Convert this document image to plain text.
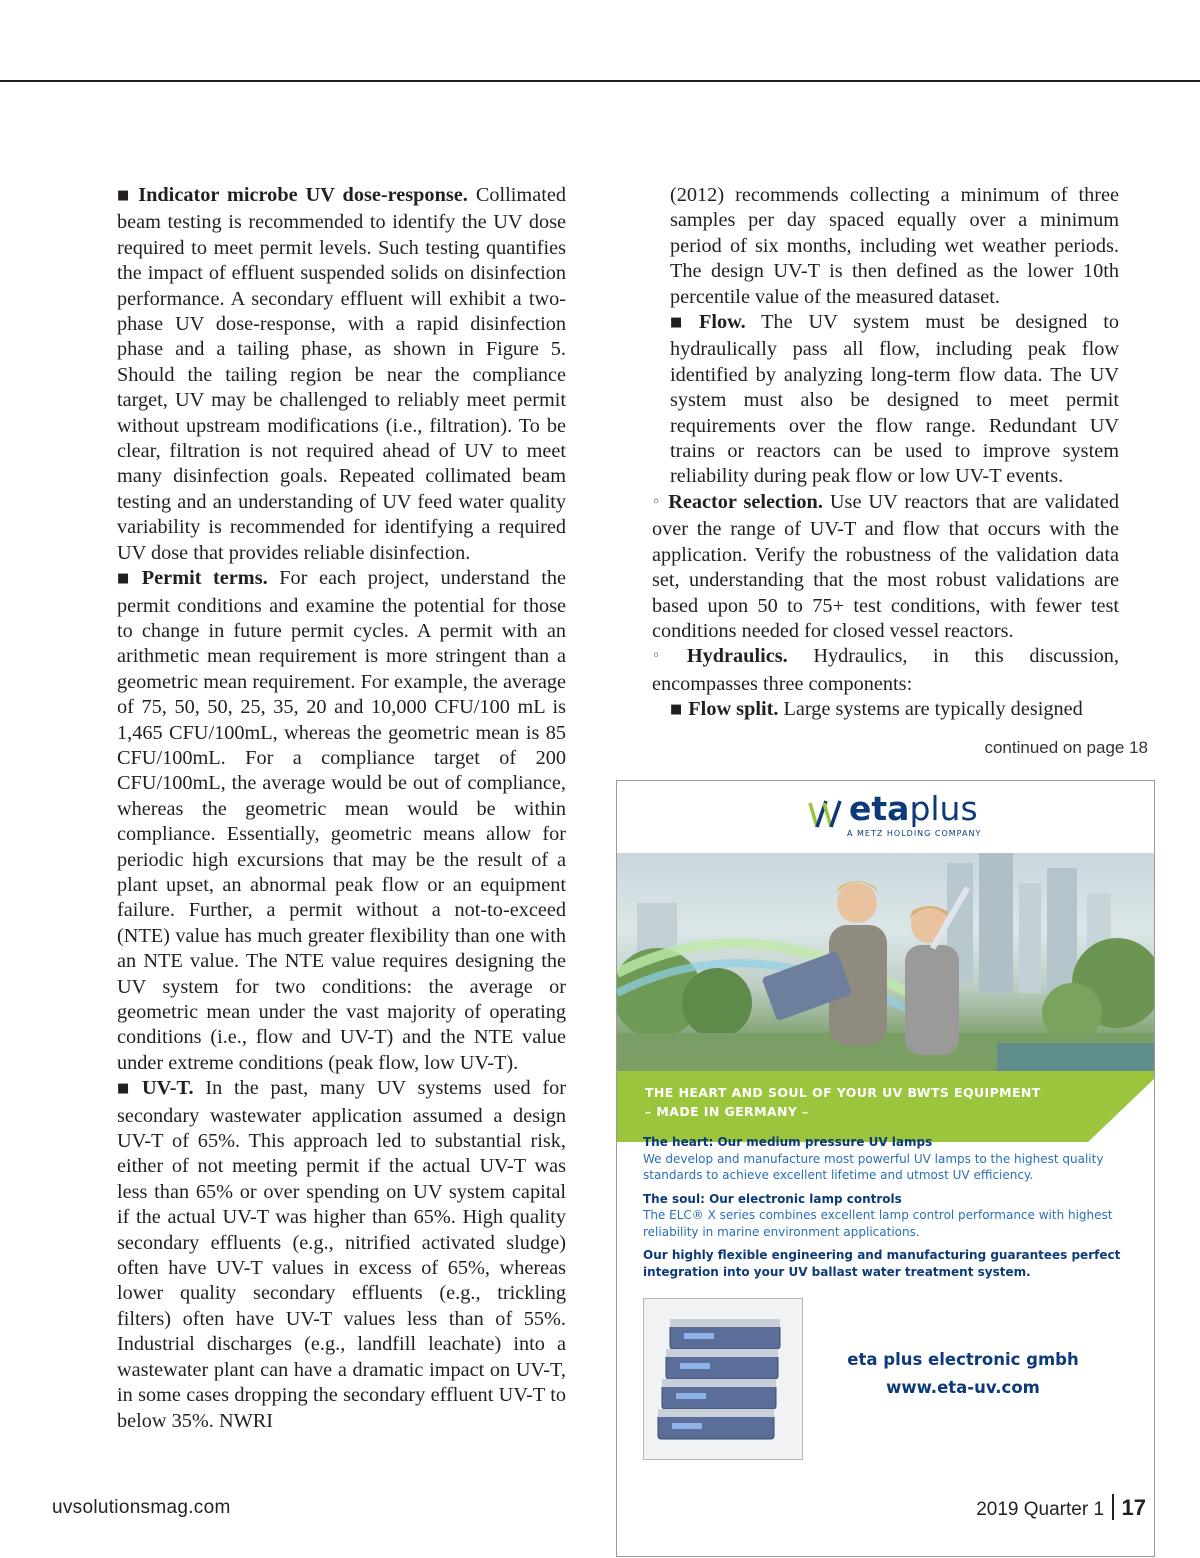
■ Indicator microbe UV dose-response. Collimated beam testing is recommended to identify the UV dose required to meet permit levels. Such testing quantifies the impact of effluent suspended solids on disinfection performance. A secondary effluent will exhibit a two-phase UV dose-response, with a rapid disinfection phase and a tailing phase, as shown in Figure 5. Should the tailing region be near the compliance target, UV may be challenged to reliably meet permit without upstream modifications (i.e., filtration). To be clear, filtration is not required ahead of UV to meet many disinfection goals. Repeated collimated beam testing and an understanding of UV feed water quality variability is recommended for identifying a required UV dose that provides reliable disinfection.

■ Permit terms. For each project, understand the permit conditions and examine the potential for those to change in future permit cycles. A permit with an arithmetic mean requirement is more stringent than a geometric mean requirement. For example, the average of 75, 50, 50, 25, 35, 20 and 10,000 CFU/100 mL is 1,465 CFU/100mL, whereas the geometric mean is 85 CFU/100mL. For a compliance target of 200 CFU/100mL, the average would be out of compliance, whereas the geometric mean would be within compliance. Essentially, geometric means allow for periodic high excursions that may be the result of a plant upset, an abnormal peak flow or an equipment failure. Further, a permit without a not-to-exceed (NTE) value has much greater flexibility than one with an NTE value. The NTE value requires designing the UV system for two conditions: the average or geometric mean under the vast majority of operating conditions (i.e., flow and UV-T) and the NTE value under extreme conditions (peak flow, low UV-T).

■ UV-T. In the past, many UV systems used for secondary wastewater application assumed a design UV-T of 65%. This approach led to substantial risk, either of not meeting permit if the actual UV-T was less than 65% or over spending on UV system capital if the actual UV-T was higher than 65%. High quality secondary effluents (e.g., nitrified activated sludge) often have UV-T values in excess of 65%, whereas lower quality secondary effluents (e.g., trickling filters) often have UV-T values less than of 55%. Industrial discharges (e.g., landfill leachate) into a wastewater plant can have a dramatic impact on UV-T, in some cases dropping the secondary effluent UV-T to below 35%. NWRI

(2012) recommends collecting a minimum of three samples per day spaced equally over a minimum period of six months, including wet weather periods. The design UV-T is then defined as the lower 10th percentile value of the measured dataset.

■ Flow. The UV system must be designed to hydraulically pass all flow, including peak flow identified by analyzing long-term flow data. The UV system must also be designed to meet permit requirements over the flow range. Redundant UV trains or reactors can be used to improve system reliability during peak flow or low UV-T events.

◦ Reactor selection. Use UV reactors that are validated over the range of UV-T and flow that occurs with the application. Verify the robustness of the validation data set, understanding that the most robust validations are based upon 50 to 75+ test conditions, with fewer test conditions needed for closed vessel reactors.

◦ Hydraulics. Hydraulics, in this discussion, encompasses three components:

■ Flow split. Large systems are typically designed

continued on page 18
etaplus
A METZ HOLDING COMPANY
THE HEART AND SOUL OF YOUR UV BWTS EQUIPMENT
– MADE IN GERMANY –

The heart: Our medium pressure UV lamps

We develop and manufacture most powerful UV lamps to the highest quality standards to achieve excellent lifetime and utmost UV efficiency.

The soul: Our electronic lamp controls

The ELC® X series combines excellent lamp control performance with highest reliability in marine environment applications.

Our highly flexible engineering and manufacturing guarantees perfect integration into your UV ballast water treatment system.

eta plus electronic gmbh
www.eta-uv.com
uvsolutionsmag.com	2019 Quarter 1 17
